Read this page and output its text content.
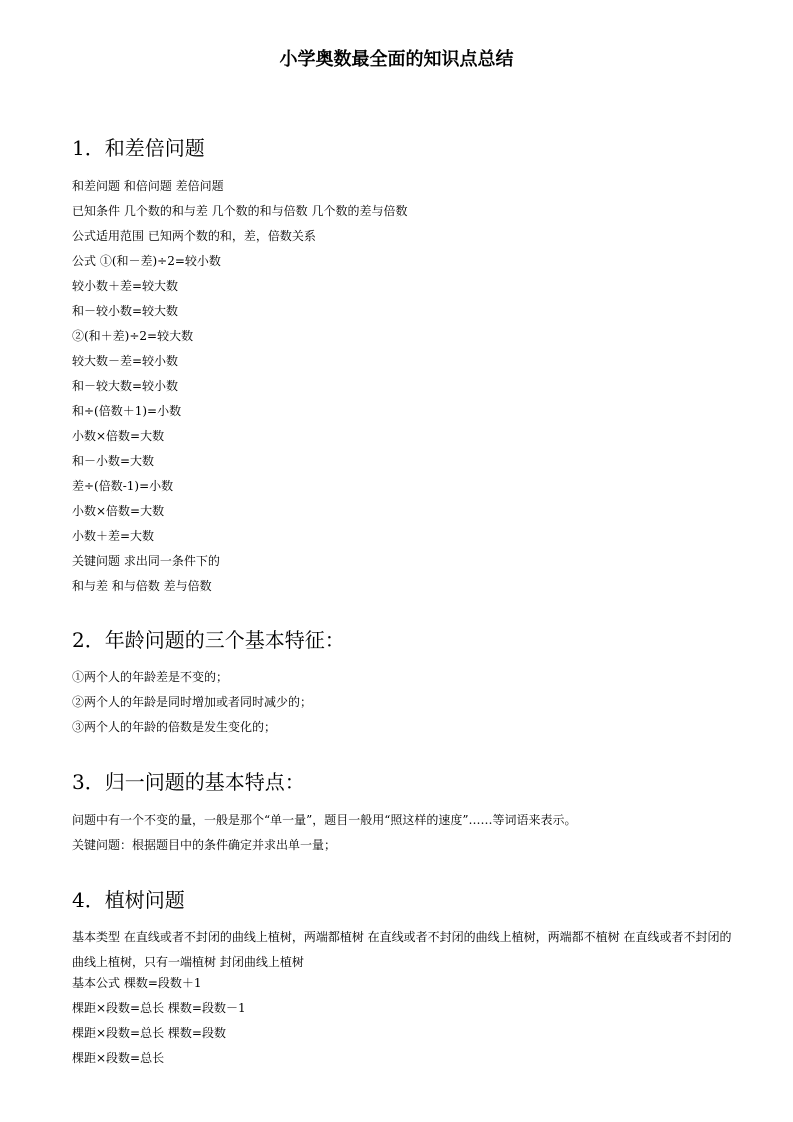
小学奥数最全面的知识点总结
1．和差倍问题
和差问题 和倍问题 差倍问题
已知条件 几个数的和与差 几个数的和与倍数 几个数的差与倍数
公式适用范围 已知两个数的和，差，倍数关系
公式 ①(和－差)÷2=较小数
较小数＋差=较大数
和－较小数=较大数
②(和＋差)÷2=较大数
较大数－差=较小数
和－较大数=较小数
和÷(倍数＋1)=小数
小数×倍数=大数
和－小数=大数
差÷(倍数-1)=小数
小数×倍数=大数
小数＋差=大数
关键问题 求出同一条件下的
和与差 和与倍数 差与倍数
2．年龄问题的三个基本特征：
①两个人的年龄差是不变的；
②两个人的年龄是同时增加或者同时减少的；
③两个人的年龄的倍数是发生变化的；
3．归一问题的基本特点：
问题中有一个不变的量，一般是那个“单一量”，题目一般用“照这样的速度”……等词语来表示。
关键问题：根据题目中的条件确定并求出单一量；
4．植树问题
基本类型 在直线或者不封闭的曲线上植树，两端都植树 在直线或者不封闭的曲线上植树，两端都不植树 在直线或者不封闭的曲线上植树，只有一端植树 封闭曲线上植树
基本公式 棵数=段数＋1
棵距×段数=总长 棵数=段数－1
棵距×段数=总长 棵数=段数
棵距×段数=总长
